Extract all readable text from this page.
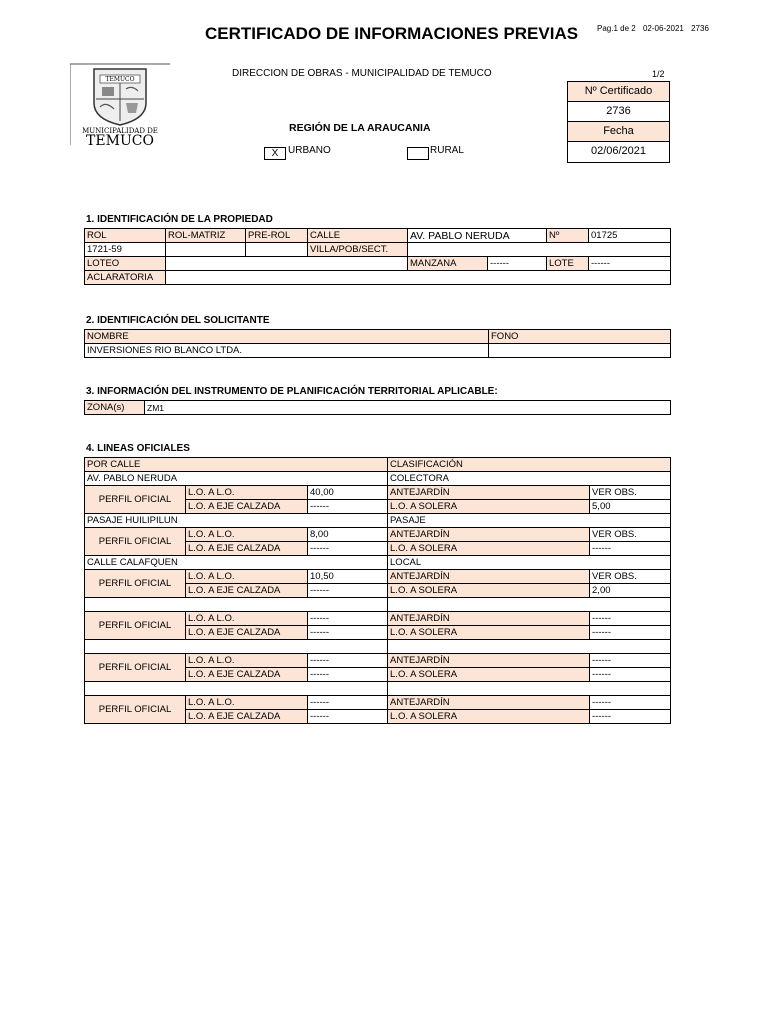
CERTIFICADO DE INFORMACIONES PREVIAS Pag.1 de 2 02-06-2021 2736
TEMUCO
MUNICIPALIDAD DE
TEMUCO
DIRECCION DE OBRAS - MUNICIPALIDAD DE TEMUCO	1/2
REGIÓN DE LA ARAUCANIA
X URBANO	RURAL
Nº Certificado
2736
Fecha
02/06/2021
1. IDENTIFICACIÓN DE LA PROPIEDAD
ROL	ROL-MATRIZ	PRE-ROL	CALLE	AV. PABLO NERUDA		Nº	01725
1721-59			VILLA/POB/SECT.				
LOTEO				MANZANA	------	LOTE	------
ACLARATORIA							
2. IDENTIFICACIÓN DEL SOLICITANTE
NOMBRE	FONO
INVERSIONES RIO BLANCO LTDA.	
3. INFORMACIÓN DEL INSTRUMENTO DE PLANIFICACIÓN TERRITORIAL APLICABLE:
ZONA(s)	ZM1
4. LINEAS OFICIALES
POR CALLE			CLASIFICACIÓN	
AV. PABLO NERUDA			COLECTORA	
PERFIL OFICIAL	L.O. A L.O.	40,00	ANTEJARDÍN	VER OBS.
	L.O. A EJE CALZADA	------	L.O. A SOLERA	5,00
PASAJE HUILIPILUN			PASAJE	
PERFIL OFICIAL	L.O. A L.O.	8,00	ANTEJARDÍN	VER OBS.
	L.O. A EJE CALZADA	------	L.O. A SOLERA	------
CALLE CALAFQUEN			LOCAL	
PERFIL OFICIAL	L.O. A L.O.	10,50	ANTEJARDÍN	VER OBS.
	L.O. A EJE CALZADA	------	L.O. A SOLERA	2,00

PERFIL OFICIAL	L.O. A L.O.	------	ANTEJARDÍN	------
	L.O. A EJE CALZADA	------	L.O. A SOLERA	------

PERFIL OFICIAL	L.O. A L.O.	------	ANTEJARDÍN	------
	L.O. A EJE CALZADA	------	L.O. A SOLERA	------

PERFIL OFICIAL	L.O. A L.O.	------	ANTEJARDÍN	------
	L.O. A EJE CALZADA	------	L.O. A SOLERA	------
